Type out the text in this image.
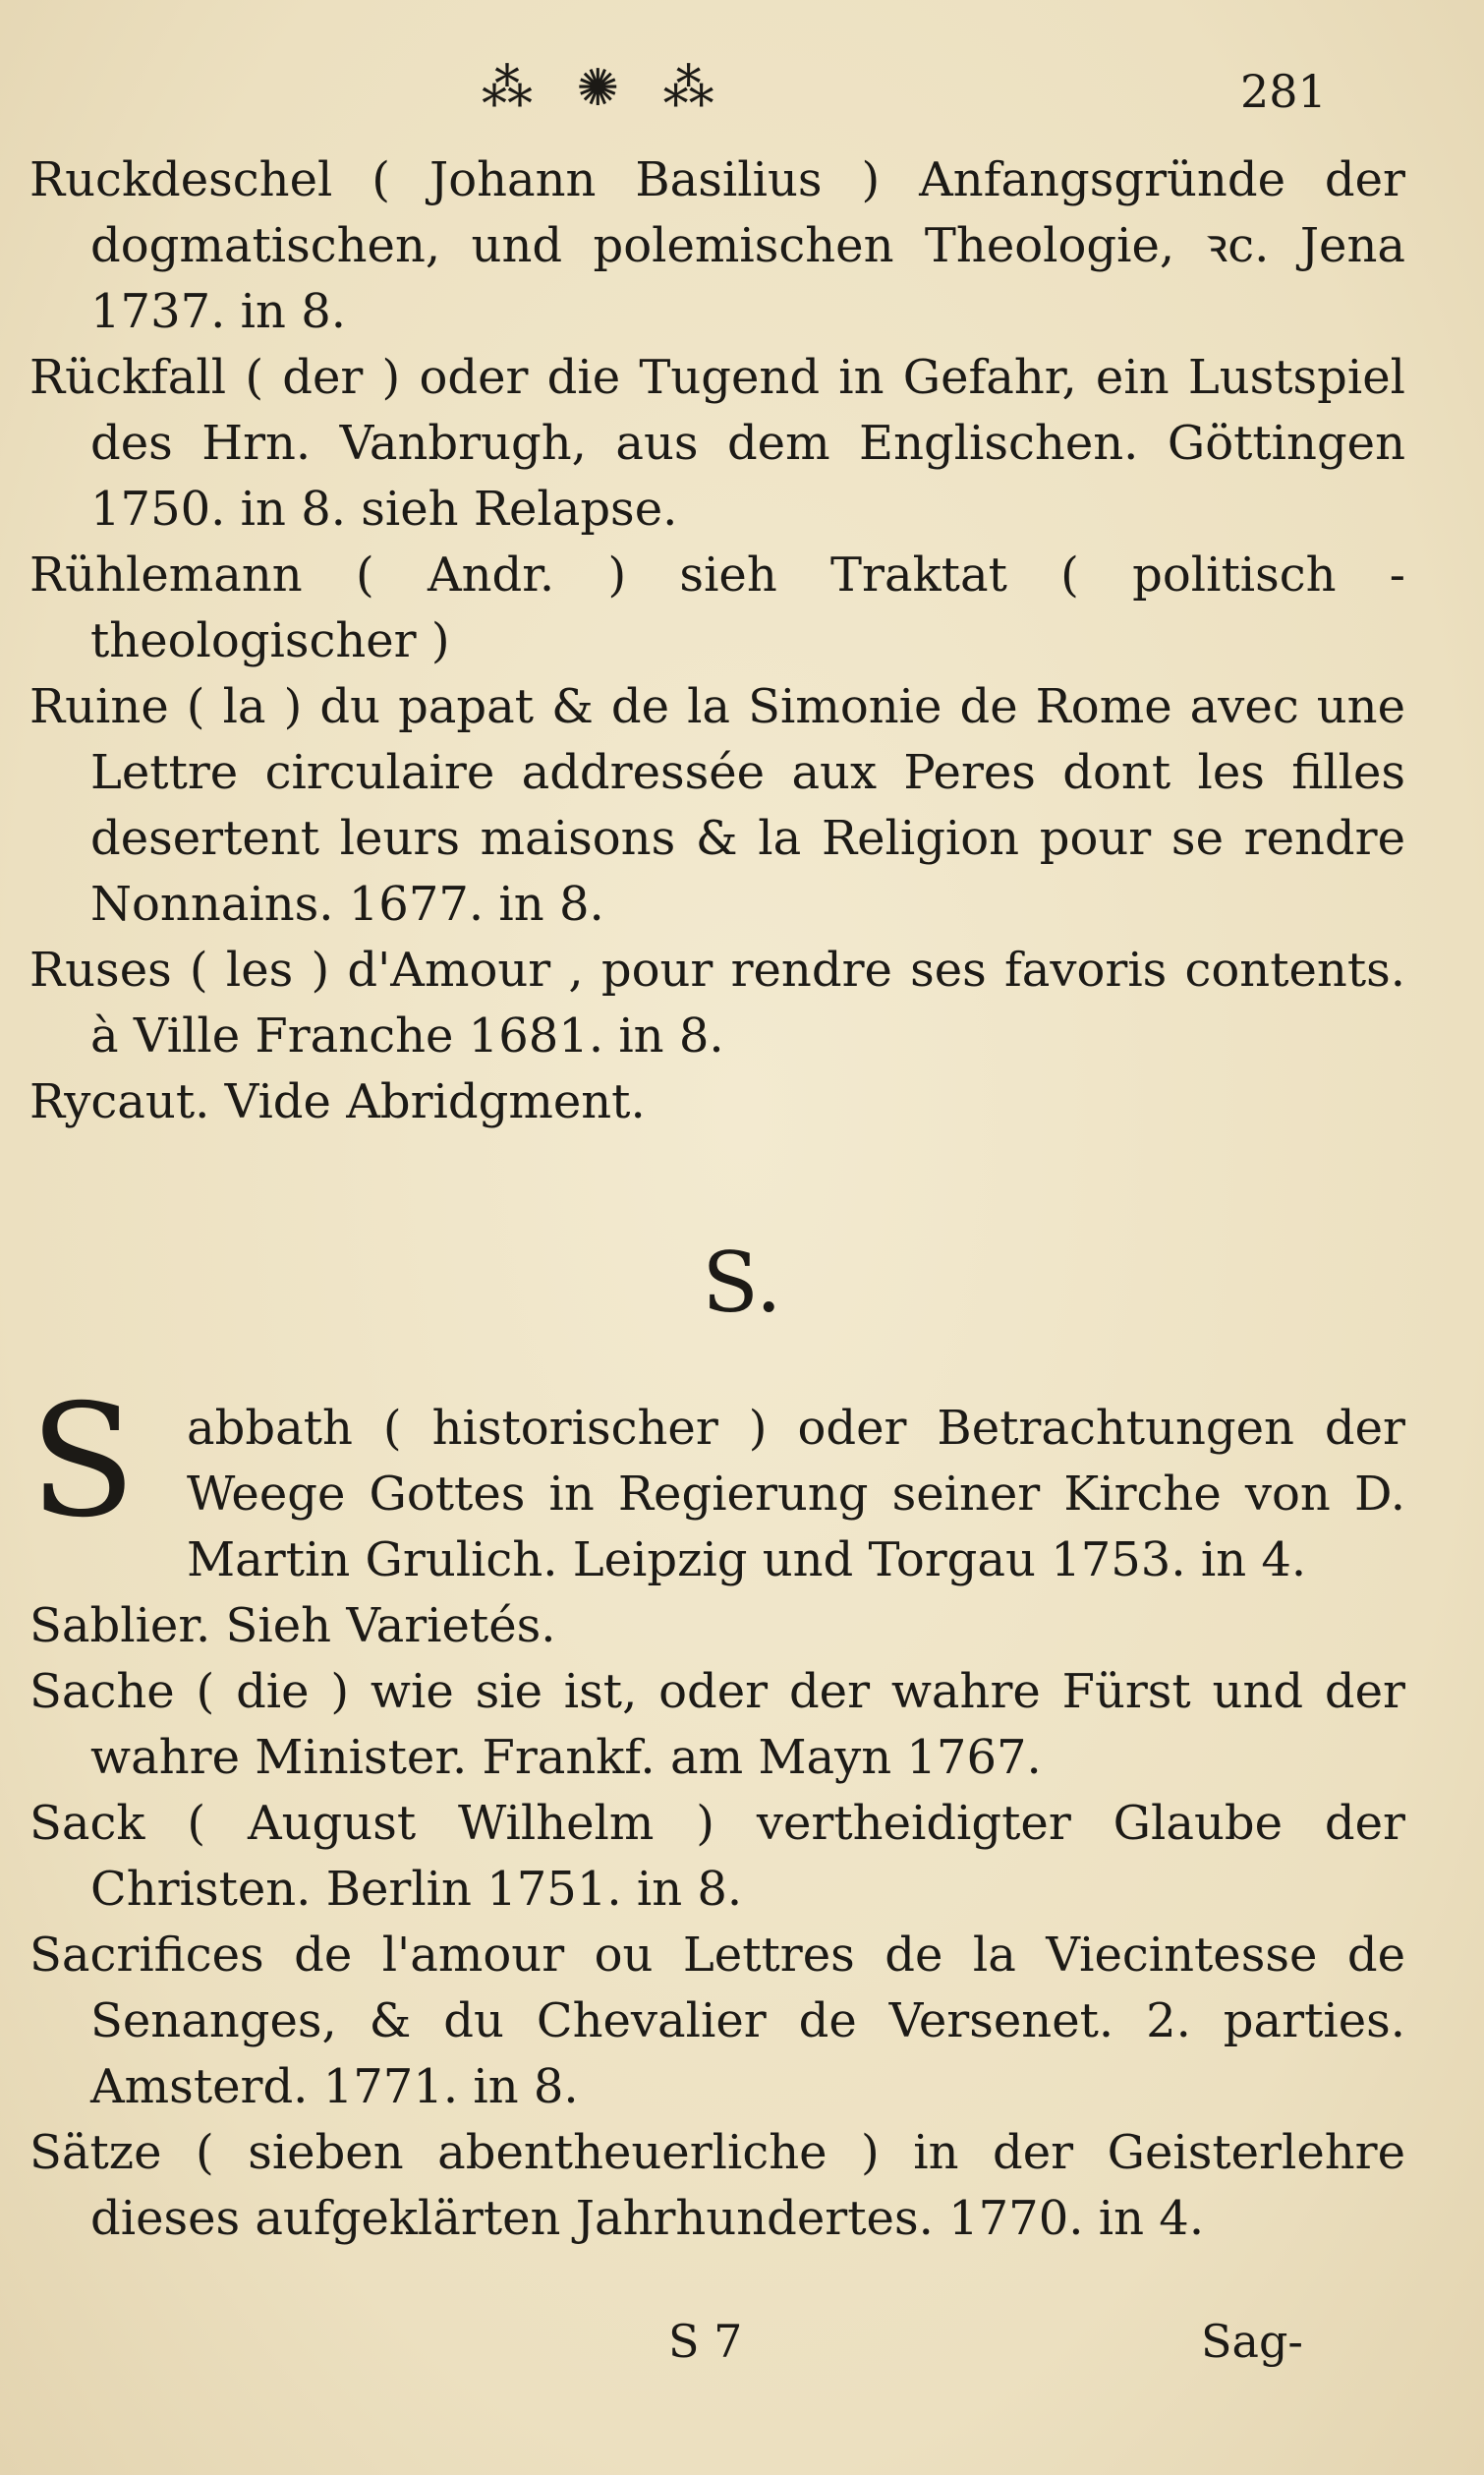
⁂ ✺ ⁂	281
Ruckdeschel ( Johann Basilius ) Anfangsgründe der dogmatischen, und polemischen Theologie, ꝛc. Jena 1737. in 8.
Rückfall ( der ) oder die Tugend in Gefahr, ein Lustspiel des Hrn. Vanbrugh, aus dem Englischen. Göttingen 1750. in 8. sieh Relapse.
Rühlemann ( Andr. ) sieh Traktat ( politisch - theologischer )
Ruine ( la ) du papat & de la Simonie de Rome avec une Lettre circulaire addressée aux Peres dont les filles desertent leurs maisons & la Religion pour se rendre Nonnains. 1677. in 8.
Ruses ( les ) d'Amour , pour rendre ses favoris contents. à Ville Franche 1681. in 8.
Rycaut. Vide Abridgment.
S.
S abbath ( historischer ) oder Betrachtungen der Weege Gottes in Regierung seiner Kirche von D. Martin Grulich. Leipzig und Torgau 1753. in 4.
Sablier. Sieh Varietés.
Sache ( die ) wie sie ist, oder der wahre Fürst und der wahre Minister. Frankf. am Mayn 1767.
Sack ( August Wilhelm ) vertheidigter Glaube der Christen. Berlin 1751. in 8.
Sacrifices de l'amour ou Lettres de la Viecintesse de Senanges, & du Chevalier de Versenet. 2. parties. Amsterd. 1771. in 8.
Sätze ( sieben abentheuerliche ) in der Geisterlehre dieses aufgeklärten Jahrhundertes. 1770. in 4.
S 7	Sag-
